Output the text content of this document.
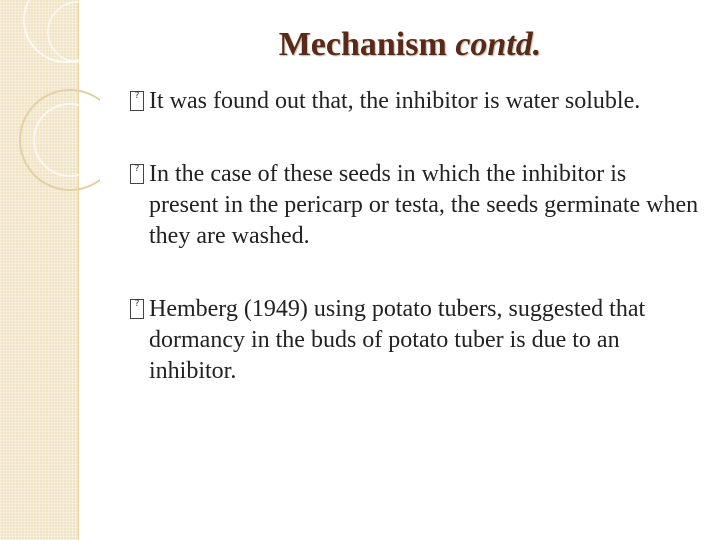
Mechanism contd.
? It was found out that, the inhibitor is water soluble.
? In the case of these seeds in which the inhibitor is present in the pericarp or testa, the seeds germinate when they are washed.
? Hemberg (1949) using potato tubers, suggested that dormancy in the buds of potato tuber is due to an inhibitor.
